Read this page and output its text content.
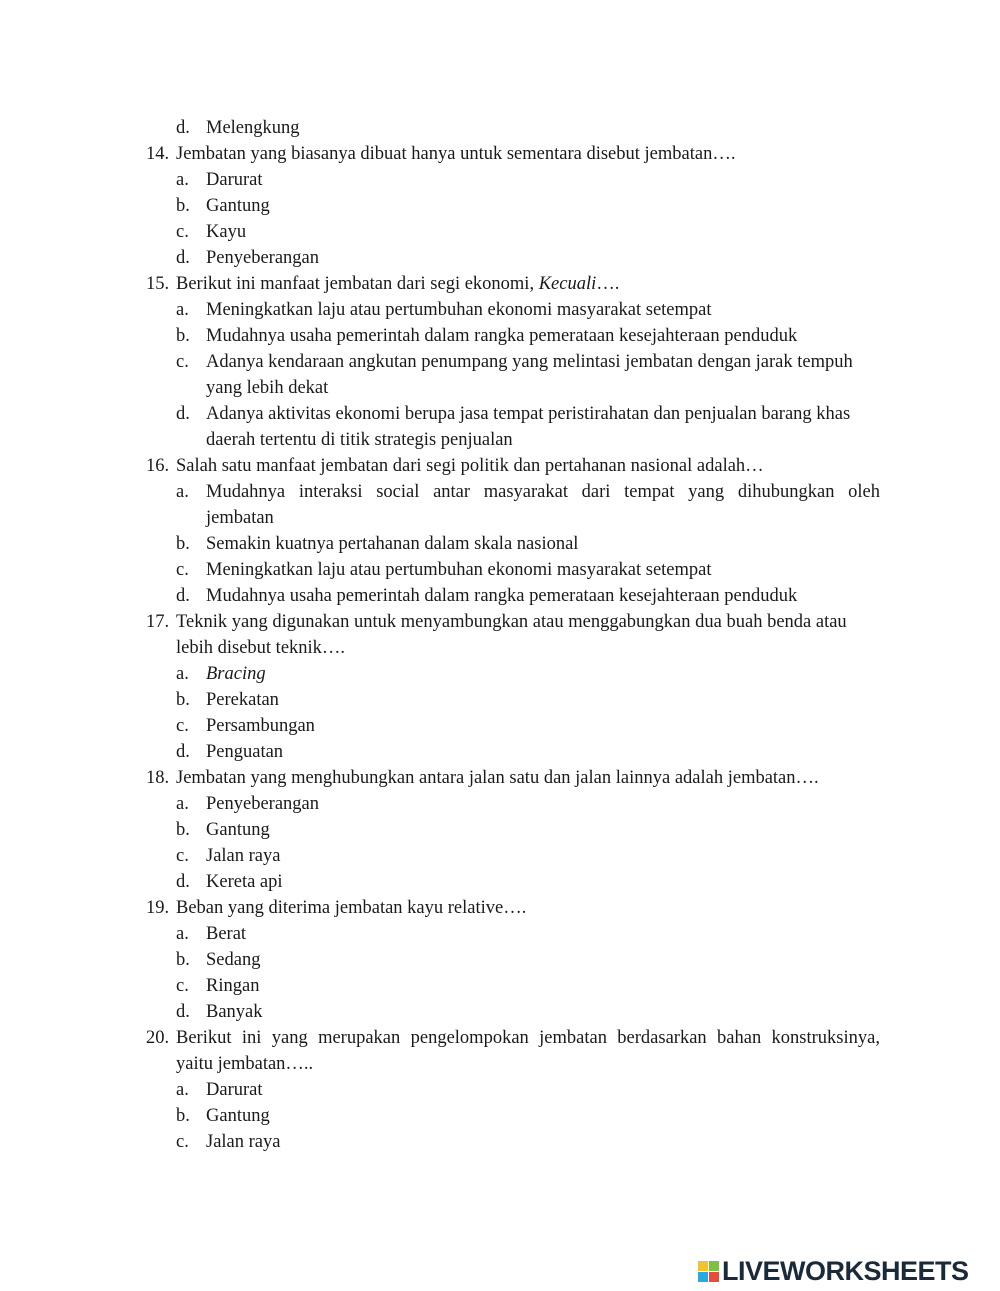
d. Melengkung
14. Jembatan yang biasanya dibuat hanya untuk sementara disebut jembatan….
a. Darurat
b. Gantung
c. Kayu
d. Penyeberangan
15. Berikut ini manfaat jembatan dari segi ekonomi, Kecuali….
a. Meningkatkan laju atau pertumbuhan ekonomi masyarakat setempat
b. Mudahnya usaha pemerintah dalam rangka pemerataan kesejahteraan penduduk
c. Adanya kendaraan angkutan penumpang yang melintasi jembatan dengan jarak tempuh
yang lebih dekat
d. Adanya aktivitas ekonomi berupa jasa tempat peristirahatan dan penjualan barang khas
daerah tertentu di titik strategis penjualan
16. Salah satu manfaat jembatan dari segi politik dan pertahanan nasional adalah…
a. Mudahnya interaksi social antar masyarakat dari tempat yang dihubungkan oleh
jembatan
b. Semakin kuatnya pertahanan dalam skala nasional
c. Meningkatkan laju atau pertumbuhan ekonomi masyarakat setempat
d. Mudahnya usaha pemerintah dalam rangka pemerataan kesejahteraan penduduk
17. Teknik yang digunakan untuk menyambungkan atau menggabungkan dua buah benda atau
lebih disebut teknik….
a. Bracing
b. Perekatan
c. Persambungan
d. Penguatan
18. Jembatan yang menghubungkan antara jalan satu dan jalan lainnya adalah jembatan….
a. Penyeberangan
b. Gantung
c. Jalan raya
d. Kereta api
19. Beban yang diterima jembatan kayu relative….
a. Berat
b. Sedang
c. Ringan
d. Banyak
20. Berikut ini yang merupakan pengelompokan jembatan berdasarkan bahan konstruksinya,
yaitu jembatan…..
a. Darurat
b. Gantung
c. Jalan raya
LIVEWORKSHEETS
